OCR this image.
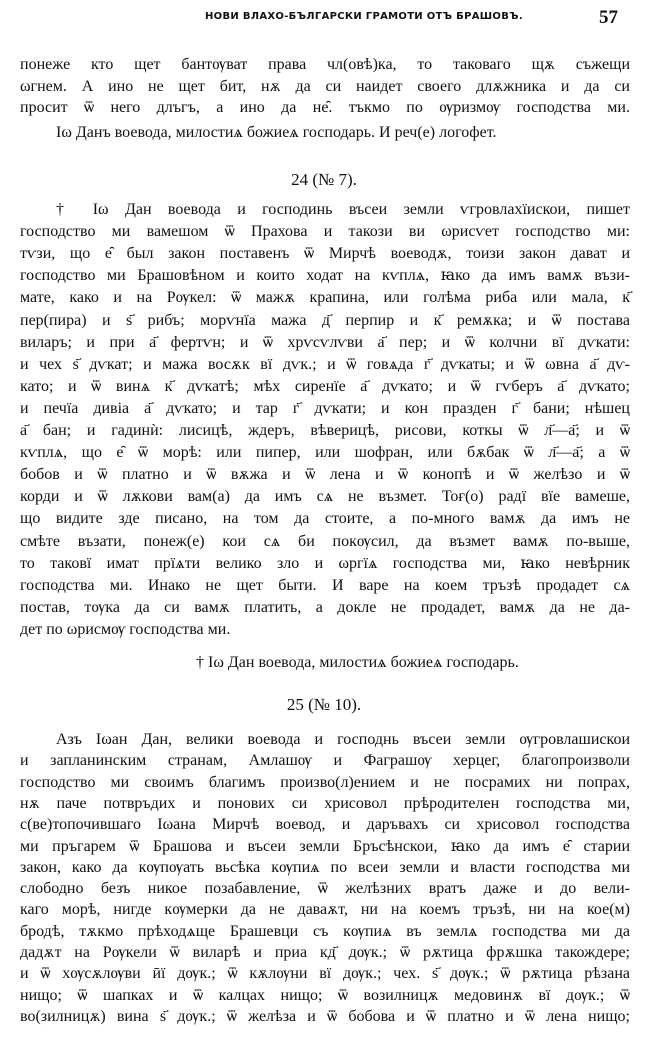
НОВИ ВЛАХО-БЪЛГАРСКИ ГРАМОТИ ОТЪ БРАШОВЪ.	57
понеже кто щет бантѹват права чл(овѣ)ка, то таковаго щѫ съжещи
ωгнем. А ино не щет бит, нѫ да си наидет своего длѫжника и да си
просит ѿ него длъгъ, а ино да не̑. тъкмо по ѹризмѹ господства ми.
Iω Данъ воевода, милостиѧ божиеѧ господарь. И реч(е) логофет.
24 (№ 7).
† Iω Дан воевода и господинь въсеи земли ѵгровлахїискои, пишет
господство ми вамешом ѿ Прахова и такози ви ωрисѵет господство ми:
тѵзи, що е̑ был закон поставенъ ѿ Мирчѣ воеводѫ, тоизи закон дават и
господство ми Брашовѣном и които ходат на кѵплѧ, ꙗко да имъ вамѫ възи-
мате, како и на Рѹкел: ѿ мажѫ крапина, или голѣма риба или мала, к҃
пер(пира) и ѕ҃ рибъ; морѵнїа мажа д҃ перпир и к҃ ремѫка; и ѿ постава
виларъ; и при а҃ фертѵн; и ѿ хрѵсѵлѵви а҃ пер; и ѿ колчни вї дѵкати:
и чех ѕ҃ дѵкат; и мажа восѫк вї дѵк.; и ѿ говѧда г҃ дѵкаты; и ѿ ωвна а҃ дѵ-
като; и ѿ винѧ к҃ дѵкатѣ; мѣх сиренїе а҃ дѵкато; и ѿ гѵберъ а҃ дѵкато;
и печїа дивіа а҃ дѵкато; и тар г҃ дѵкати; и кон празден г҃ бани; нѣшец
а҃ бан; и гадинѝ: лисицѣ, ждеръ, вѣверицѣ, рисови, коткы ѿ л҃—а҃; и ѿ
кѵплѧ, що е̑ ѿ морѣ: или пипер, или шофран, или бѫбак ѿ л҃—а҃; а ѿ
бобов и ѿ платно и ѿ вѫжа и ѿ лена и ѿ конопѣ и ѿ желѣзо и ѿ
корди и ѿ лѫкови вам(а) да имъ сѧ не възмет. Тоғ(о) радї вїе вамеше,
що видите зде писано, на том да стоите, а по-много вамѫ да имъ не
смѣте възати, понеж(е) кои сѧ би покѹсил, да възмет вамѫ по-выше,
то таковї имат прїѧти велико зло и ωргїѧ господства ми, ꙗко невѣрник
господства ми. Инако не щет быти. И варе на коем тръзѣ продадет сѧ
постав, тѹка да си вамѫ платить, а докле не продадет, вамѫ да не да-
дет по ωрисмѹ господства ми.
† Iω Дан воевода, милостиѧ божиеѧ господарь.
25 (№ 10).
Азъ Iωан Дан, велики воевода и господнь въсеи земли ѹгровлашискои
и запланинским странам, Амлашѹ и Фаграшѹ херцег, благопроизволи
господство ми своимъ благимъ произво(л)ением и не посрамих ни попрах,
нѫ паче потвръдих и понових си хрисовол прѣродителен господства ми,
с(ве)топочившаго Iωана Мирчѣ воевод, и даръвахъ си хрисовол господства
ми пръгарем ѿ Брашова и въсеи земли Бръсѣнскои, ꙗко да имъ е̑ старии
закон, како да кѹпѹать вьсѣка кѹпиѧ по всеи земли и власти господства ми
слободно безъ никое позабавление, ѿ желѣзних вратъ даже и до вели-
каго морѣ, нигде кѹмерки да не даваѫт, ни на коемъ тръзѣ, ни на кое(м)
бродѣ, тѫкмо прѣходѧще Брашевци съ кѹпиѧ въ землѧ господства ми да
дадѫт на Рѹкели ѿ виларѣ и приа кд҃ дѹк.; ѿ рѫтица фрѫшка такождере;
и ѿ хѹсѫлѹви ӣї дѹк.; ѿ кѫлѹни вї дѹк.; чех. ѕ҃ дѹк.; ѿ рѫтица рѣзана
нищо; ѿ шапках и ѿ калцах нищо; ѿ возилницѫ медовинѫ вї дѹк.; ѿ
во(зилницѫ) вина ѕ҃ дѹк.; ѿ желѣза и ѿ бобова и ѿ платно и ѿ лена нищо;
